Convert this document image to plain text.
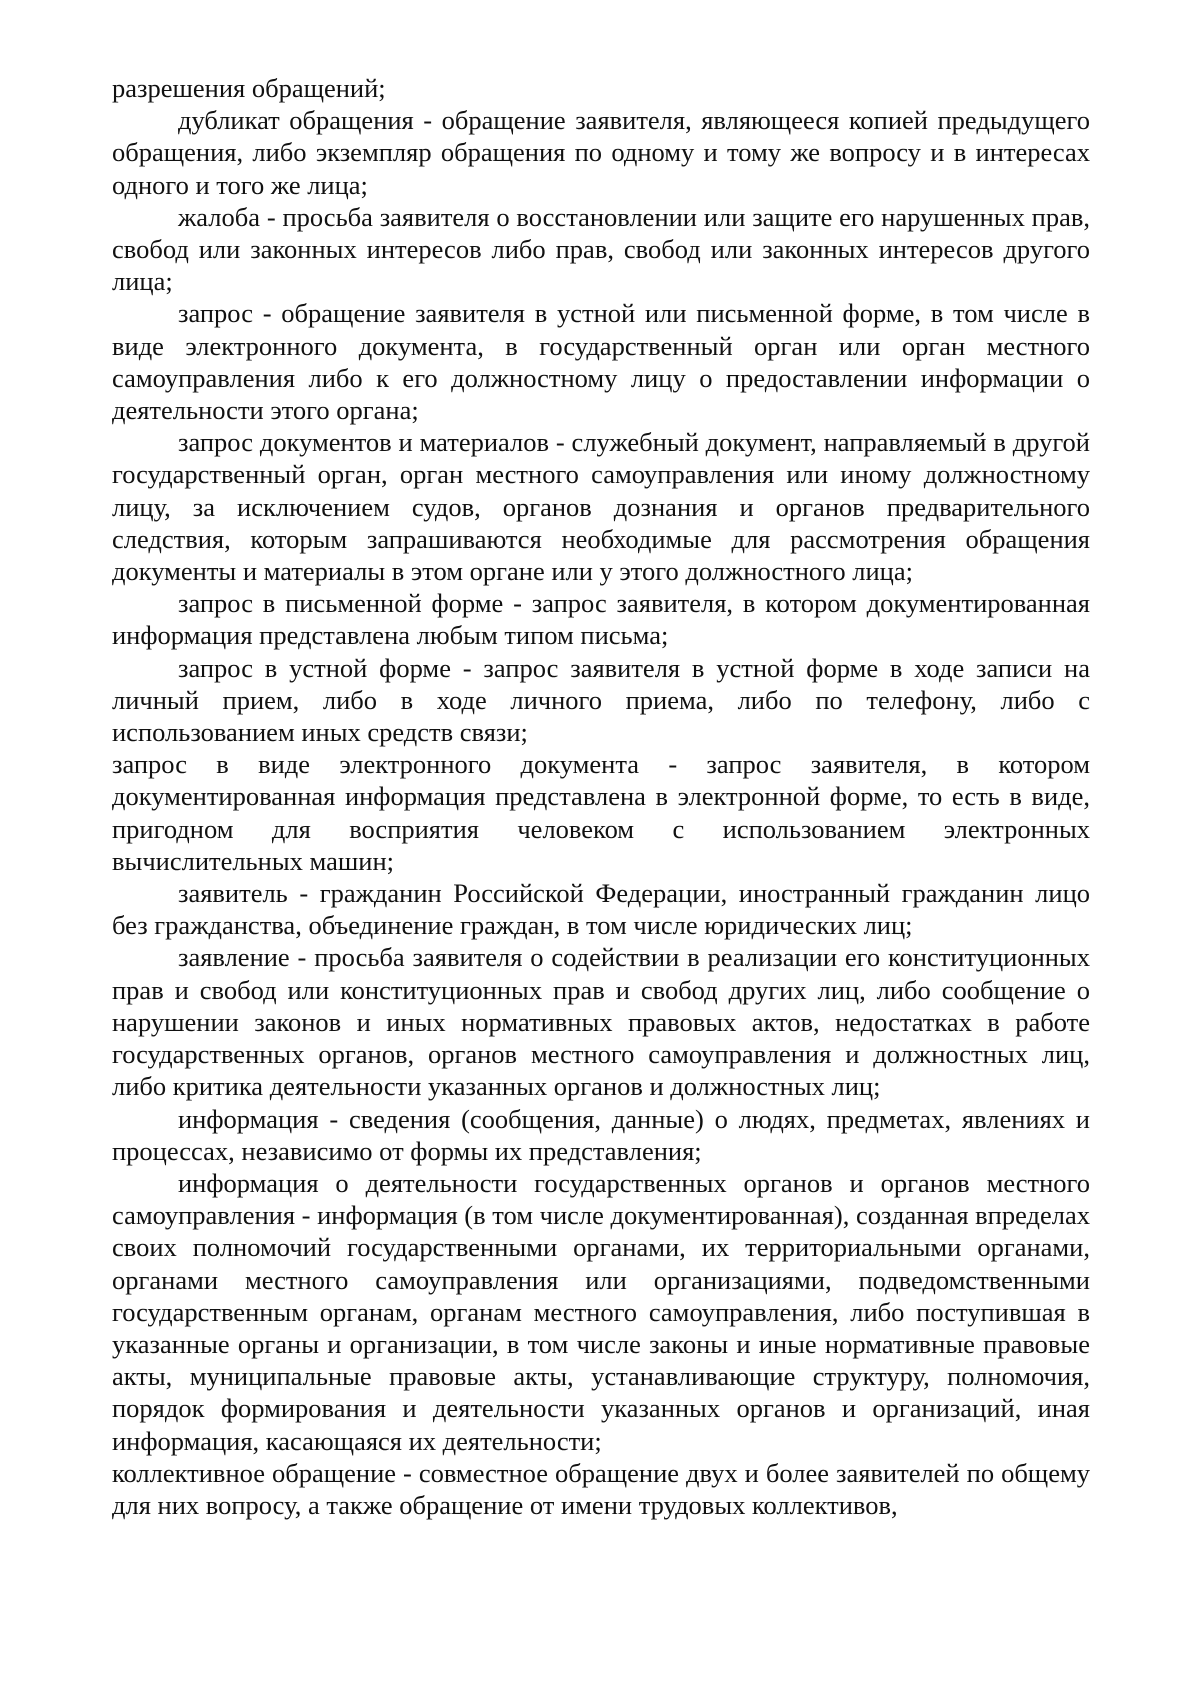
разрешения обращений;

дубликат обращения - обращение заявителя, являющееся копией предыдущего обращения, либо экземпляр обращения по одному и тому же вопросу и в интересах одного и того же лица;

жалоба - просьба заявителя о восстановлении или защите его нарушенных прав, свобод или законных интересов либо прав, свобод или законных интересов другого лица;

запрос - обращение заявителя в устной или письменной форме, в том числе в виде электронного документа, в государственный орган или орган местного самоуправления либо к его должностному лицу о предоставлении информации о деятельности этого органа;

запрос документов и материалов - служебный документ, направляемый в другой государственный орган, орган местного самоуправления или иному должностному лицу, за исключением судов, органов дознания и органов предварительного следствия, которым запрашиваются необходимые для рассмотрения обращения документы и материалы в этом органе или у этого должностного лица;

запрос в письменной форме - запрос заявителя, в котором документированная информация представлена любым типом письма;

запрос в устной форме - запрос заявителя в устной форме в ходе записи на личный прием, либо в ходе личного приема, либо по телефону, либо с использованием иных средств связи;

запрос в виде электронного документа - запрос заявителя, в котором документированная информация представлена в электронной форме, то есть в виде, пригодном для восприятия человеком с использованием электронных вычислительных машин;

заявитель - гражданин Российской Федерации, иностранный гражданин лицо без гражданства, объединение граждан, в том числе юридических лиц;

заявление - просьба заявителя о содействии в реализации его конституционных прав и свобод или конституционных прав и свобод других лиц, либо сообщение о нарушении законов и иных нормативных правовых актов, недостатках в работе государственных органов, органов местного самоуправления и должностных лиц, либо критика деятельности указанных органов и должностных лиц;

информация - сведения (сообщения, данные) о людях, предметах, явлениях и процессах, независимо от формы их представления;

информация о деятельности государственных органов и органов местного самоуправления - информация (в том числе документированная), созданная впределах своих полномочий государственными органами, их территориальными органами, органами местного самоуправления или организациями, подведомственными государственным органам, органам местного самоуправления, либо поступившая в указанные органы и организации, в том числе законы и иные нормативные правовые акты, муниципальные правовые акты, устанавливающие структуру, полномочия, порядок формирования и деятельности указанных органов и организаций, иная информация, касающаяся их деятельности;

коллективное обращение - совместное обращение двух и более заявителей по общему для них вопросу, а также обращение от имени трудовых коллективов,
